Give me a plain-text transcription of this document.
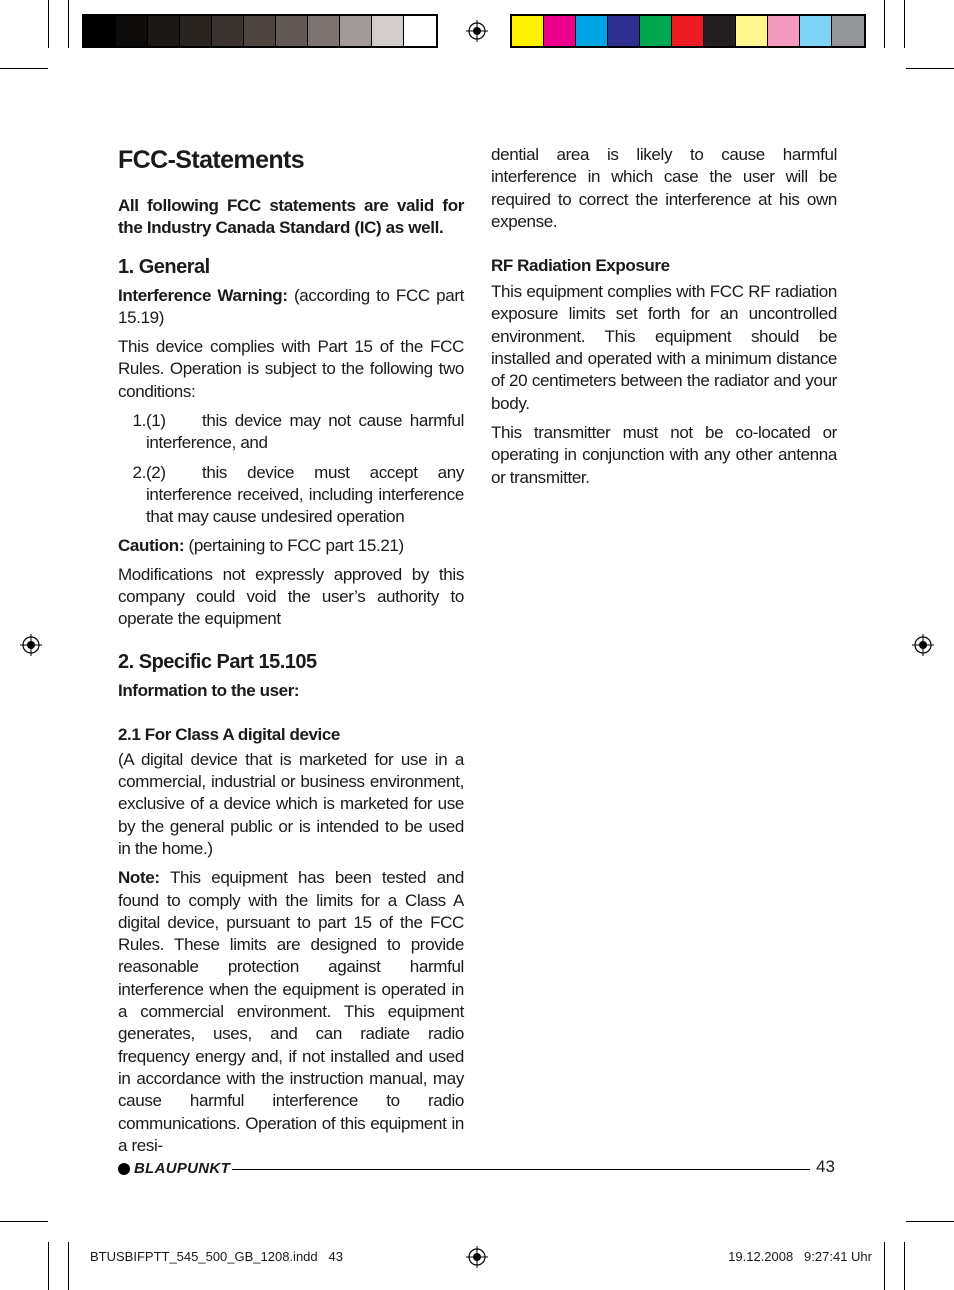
FCC-Statements

All following FCC statements are valid for the Industry Canada Standard (IC) as well.

1. General

Interference Warning: (according to FCC part 15.19)

This device complies with Part 15 of the FCC Rules. Operation is subject to the following two conditions:

1. (1) this device may not cause harmful interference, and
2. (2) this device must accept any interference received, including interference that may cause undesired operation

Caution: (pertaining to FCC part 15.21)

Modifications not expressly approved by this company could void the user’s authority to operate the equipment

2. Specific Part 15.105
Information to the user:
2.1 For Class A digital device

(A digital device that is marketed for use in a commercial, industrial or business environment, exclusive of a device which is marketed for use by the general public or is intended to be used in the home.)

Note: This equipment has been tested and found to comply with the limits for a Class A digital device, pursuant to part 15 of the FCC Rules. These limits are designed to provide reasonable protection against harmful interference when the equipment is operated in a commercial environment. This equipment generates, uses, and can radiate radio frequency energy and, if not installed and used in accordance with the instruction manual, may cause harmful interference to radio communications. Operation of this equipment in a resi-

dential area is likely to cause harmful interference in which case the user will be required to correct the interference at his own expense.

RF Radiation Exposure

This equipment complies with FCC RF radiation exposure limits set forth for an uncontrolled environment. This equipment should be installed and operated with a minimum distance of 20 centimeters between the radiator and your body.

This transmitter must not be co-located or operating in conjunction with any other antenna or transmitter.

BLAUPUNKT	43
BTUSBIFPTT_545_500_GB_1208.indd   43	19.12.2008   9:27:41 Uhr
